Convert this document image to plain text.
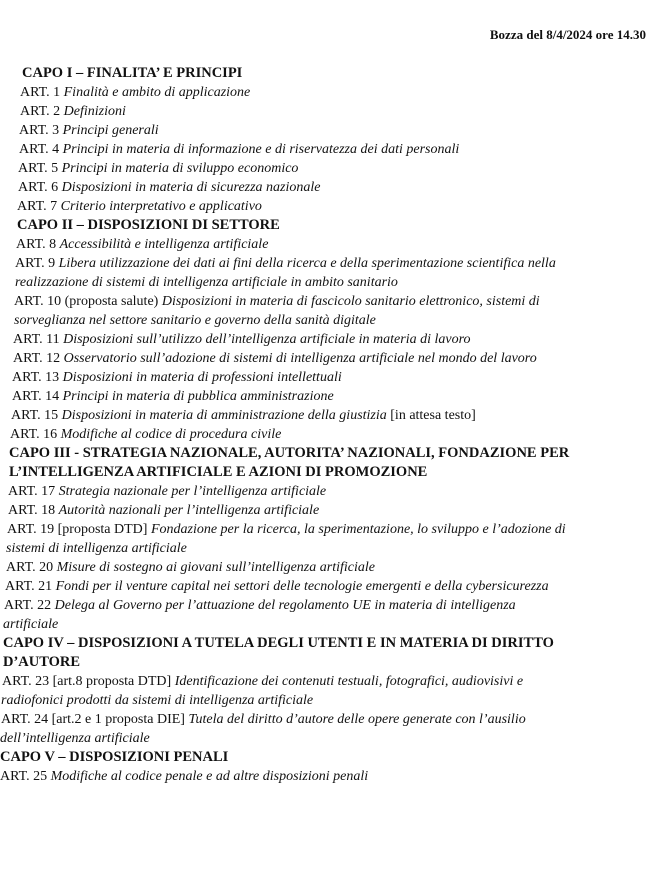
Bozza del 8/4/2024 ore 14.30
CAPO I – FINALITA’ E PRINCIPI
ART. 1 Finalità e ambito di applicazione
ART. 2 Definizioni
ART. 3 Principi generali
ART. 4 Principi in materia di informazione e di riservatezza dei dati personali
ART. 5 Principi in materia di sviluppo economico
ART. 6 Disposizioni in materia di sicurezza nazionale
ART. 7 Criterio interpretativo e applicativo
CAPO II – DISPOSIZIONI DI SETTORE
ART. 8 Accessibilità e intelligenza artificiale
ART. 9 Libera utilizzazione dei dati ai fini della ricerca e della sperimentazione scientifica nella
realizzazione di sistemi di intelligenza artificiale in ambito sanitario
ART. 10 (proposta salute) Disposizioni in materia di fascicolo sanitario elettronico, sistemi di
sorveglianza nel settore sanitario e governo della sanità digitale
ART. 11 Disposizioni sull’utilizzo dell’intelligenza artificiale in materia di lavoro
ART. 12 Osservatorio sull’adozione di sistemi di intelligenza artificiale nel mondo del lavoro
ART. 13 Disposizioni in materia di professioni intellettuali
ART. 14 Principi in materia di pubblica amministrazione
ART. 15 Disposizioni in materia di amministrazione della giustizia [in attesa testo]
ART. 16 Modifiche al codice di procedura civile
CAPO III - STRATEGIA NAZIONALE, AUTORITA’ NAZIONALI, FONDAZIONE PER
L’INTELLIGENZA ARTIFICIALE E AZIONI DI PROMOZIONE
ART. 17 Strategia nazionale per l’intelligenza artificiale
ART. 18 Autorità nazionali per l’intelligenza artificiale
ART. 19 [proposta DTD] Fondazione per la ricerca, la sperimentazione, lo sviluppo e l’adozione di
sistemi di intelligenza artificiale
ART. 20 Misure di sostegno ai giovani sull’intelligenza artificiale
ART. 21 Fondi per il venture capital nei settori delle tecnologie emergenti e della cybersicurezza
ART. 22 Delega al Governo per l’attuazione del regolamento UE in materia di intelligenza
artificiale
CAPO IV – DISPOSIZIONI A TUTELA DEGLI UTENTI E IN MATERIA DI DIRITTO
D’AUTORE
ART. 23 [art.8 proposta DTD] Identificazione dei contenuti testuali, fotografici, audiovisivi e
radiofonici prodotti da sistemi di intelligenza artificiale
ART. 24 [art.2 e 1 proposta DIE] Tutela del diritto d’autore delle opere generate con l’ausilio
dell’intelligenza artificiale
CAPO V – DISPOSIZIONI PENALI
ART. 25 Modifiche al codice penale e ad altre disposizioni penali
